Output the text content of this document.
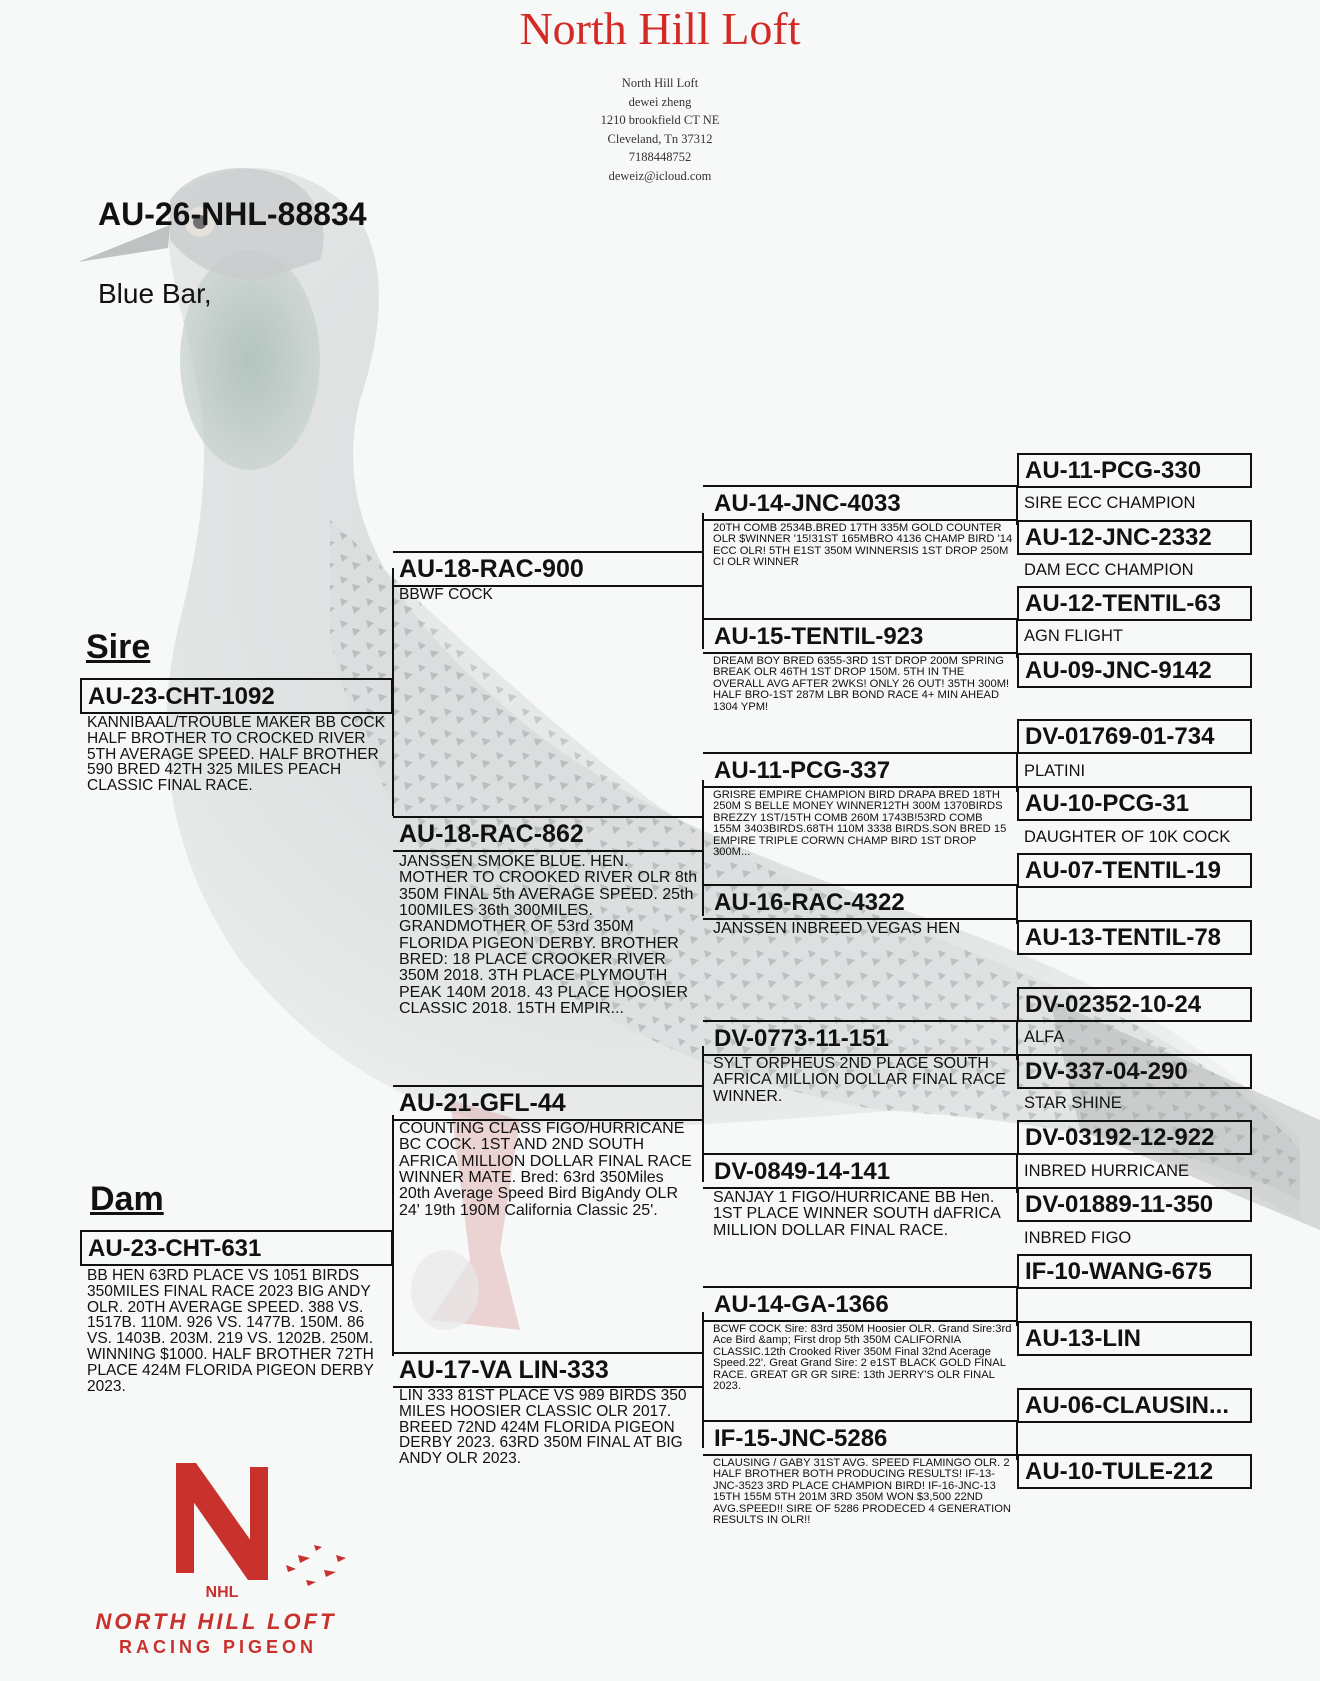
North Hill Loft
North Hill Loft
dewei zheng
1210 brookfield CT NE
Cleveland, Tn 37312
7188448752
deweiz@icloud.com
AU-26-NHL-88834
Blue Bar,
Sire
Dam
AU-23-CHT-1092
KANNIBAAL/TROUBLE MAKER BB COCK HALF BROTHER TO CROCKED RIVER 5TH AVERAGE SPEED. HALF BROTHER 590 BRED 42TH 325 MILES PEACH CLASSIC FINAL RACE.
AU-23-CHT-631
BB HEN 63RD PLACE VS 1051 BIRDS 350MILES FINAL RACE 2023 BIG ANDY OLR. 20TH AVERAGE SPEED. 388 VS. 1517B. 110M. 926 VS. 1477B. 150M. 86 VS. 1403B. 203M. 219 VS. 1202B. 250M. WINNING $1000. HALF BROTHER 72TH PLACE 424M FLORIDA PIGEON DERBY 2023.
AU-18-RAC-900
BBWF COCK
AU-18-RAC-862
JANSSEN SMOKE BLUE. HEN. MOTHER TO CROOKED RIVER OLR 8th 350M FINAL 5th AVERAGE SPEED. 25th 100MILES 36th 300MILES. GRANDMOTHER OF 53rd 350M FLORIDA PIGEON DERBY. BROTHER BRED: 18 PLACE CROOKER RIVER 350M 2018. 3TH PLACE PLYMOUTH PEAK 140M 2018. 43 PLACE HOOSIER CLASSIC 2018. 15TH EMPIR...
AU-21-GFL-44
COUNTING CLASS FIGO/HURRICANE BC COCK. 1ST AND 2ND SOUTH AFRICA MILLION DOLLAR FINAL RACE WINNER MATE. Bred: 63rd 350Miles 20th Average Speed Bird BigAndy OLR 24' 19th 190M California Classic 25'.
AU-17-VA LIN-333
LIN 333 81ST PLACE VS 989 BIRDS 350 MILES HOOSIER CLASSIC OLR 2017. BREED 72ND 424M FLORIDA PIGEON DERBY 2023. 63RD 350M FINAL AT BIG ANDY OLR 2023.
AU-14-JNC-4033
20TH COMB 2534B.BRED 17TH 335M GOLD COUNTER OLR $WINNER '15!31ST 165MBRO 4136 CHAMP BIRD '14 ECC OLR! 5TH E1ST 350M WINNERSIS 1ST DROP 250M CI OLR WINNER
AU-15-TENTIL-923
DREAM BOY BRED 6355-3RD 1ST DROP 200M SPRING BREAK OLR 46TH 1ST DROP 150M. 5TH IN THE OVERALL AVG AFTER 2WKS! ONLY 26 OUT! 35TH 300M! HALF BRO-1ST 287M LBR BOND RACE 4+ MIN AHEAD 1304 YPM!
AU-11-PCG-337
GRISRE EMPIRE CHAMPION BIRD DRAPA BRED 18TH 250M S BELLE MONEY WINNER12TH 300M 1370BIRDS BREZZY 1ST/15TH COMB 260M 1743B!53RD COMB 155M 3403BIRDS.68TH 110M 3338 BIRDS.SON BRED 15 EMPIRE TRIPLE CORWN CHAMP BIRD 1ST DROP 300M...
AU-16-RAC-4322
JANSSEN INBREED VEGAS HEN
DV-0773-11-151
SYLT ORPHEUS 2ND PLACE SOUTH AFRICA MILLION DOLLAR FINAL RACE WINNER.
DV-0849-14-141
SANJAY 1 FIGO/HURRICANE BB Hen. 1ST PLACE WINNER SOUTH dAFRICA MILLION DOLLAR FINAL RACE.
AU-14-GA-1366
BCWF COCK Sire: 83rd 350M Hoosier OLR. Grand Sire:3rd Ace Bird &amp; First drop 5th 350M CALIFORNIA CLASSIC.12th Crooked River 350M Final 32nd Acerage Speed.22'. Great Grand Sire: 2 e1ST BLACK GOLD FINAL RACE. GREAT GR GR SIRE: 13th JERRY'S OLR FINAL 2023.
IF-15-JNC-5286
CLAUSING / GABY 31ST AVG. SPEED FLAMINGO OLR. 2 HALF BROTHER BOTH PRODUCING RESULTS! IF-13-JNC-3523 3RD PLACE CHAMPION BIRD! IF-16-JNC-13 15TH 155M 5TH 201M 3RD 350M WON $3,500 22ND AVG.SPEED!! SIRE OF 5286 PRODECED 4 GENERATION RESULTS IN OLR!!
AU-11-PCG-330
SIRE ECC CHAMPION
AU-12-JNC-2332
DAM ECC CHAMPION
AU-12-TENTIL-63
AGN FLIGHT
AU-09-JNC-9142
DV-01769-01-734
PLATINI
AU-10-PCG-31
DAUGHTER OF 10K COCK
AU-07-TENTIL-19
AU-13-TENTIL-78
DV-02352-10-24
ALFA
DV-337-04-290
STAR SHINE
DV-03192-12-922
INBRED HURRICANE
DV-01889-11-350
INBRED FIGO
IF-10-WANG-675
AU-13-LIN
AU-06-CLAUSIN...
AU-10-TULE-212
NHL
NORTH HILL LOFT
RACING PIGEON
